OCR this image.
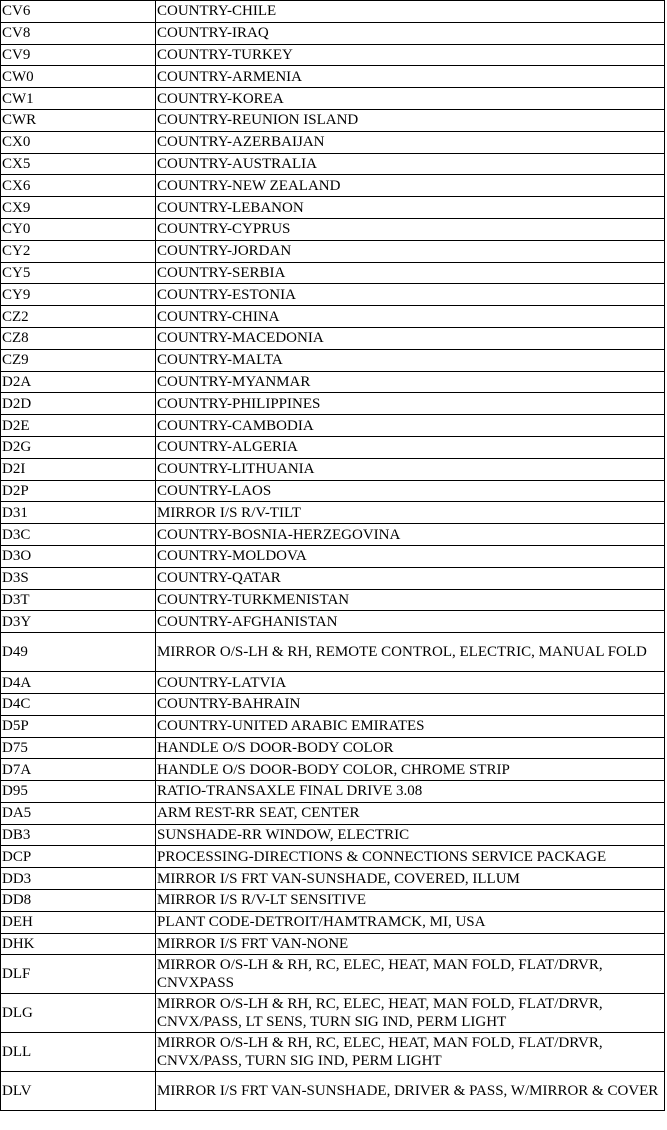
CV6	COUNTRY-CHILE
CV8	COUNTRY-IRAQ
CV9	COUNTRY-TURKEY
CW0	COUNTRY-ARMENIA
CW1	COUNTRY-KOREA
CWR	COUNTRY-REUNION ISLAND
CX0	COUNTRY-AZERBAIJAN
CX5	COUNTRY-AUSTRALIA
CX6	COUNTRY-NEW ZEALAND
CX9	COUNTRY-LEBANON
CY0	COUNTRY-CYPRUS
CY2	COUNTRY-JORDAN
CY5	COUNTRY-SERBIA
CY9	COUNTRY-ESTONIA
CZ2	COUNTRY-CHINA
CZ8	COUNTRY-MACEDONIA
CZ9	COUNTRY-MALTA
D2A	COUNTRY-MYANMAR
D2D	COUNTRY-PHILIPPINES
D2E	COUNTRY-CAMBODIA
D2G	COUNTRY-ALGERIA
D2I	COUNTRY-LITHUANIA
D2P	COUNTRY-LAOS
D31	MIRROR I/S R/V-TILT
D3C	COUNTRY-BOSNIA-HERZEGOVINA
D3O	COUNTRY-MOLDOVA
D3S	COUNTRY-QATAR
D3T	COUNTRY-TURKMENISTAN
D3Y	COUNTRY-AFGHANISTAN
D49	MIRROR O/S-LH & RH, REMOTE CONTROL, ELECTRIC, MANUAL FOLD
D4A	COUNTRY-LATVIA
D4C	COUNTRY-BAHRAIN
D5P	COUNTRY-UNITED ARABIC EMIRATES
D75	HANDLE O/S DOOR-BODY COLOR
D7A	HANDLE O/S DOOR-BODY COLOR, CHROME STRIP
D95	RATIO-TRANSAXLE FINAL DRIVE 3.08
DA5	ARM REST-RR SEAT, CENTER
DB3	SUNSHADE-RR WINDOW, ELECTRIC
DCP	PROCESSING-DIRECTIONS & CONNECTIONS SERVICE PACKAGE
DD3	MIRROR I/S FRT VAN-SUNSHADE, COVERED, ILLUM
DD8	MIRROR I/S R/V-LT SENSITIVE
DEH	PLANT CODE-DETROIT/HAMTRAMCK, MI, USA
DHK	MIRROR I/S FRT VAN-NONE
DLF	MIRROR O/S-LH & RH, RC, ELEC, HEAT, MAN FOLD, FLAT/DRVR, CNVXPASS
DLG	MIRROR O/S-LH & RH, RC, ELEC, HEAT, MAN FOLD, FLAT/DRVR, CNVX/PASS, LT SENS, TURN SIG IND, PERM LIGHT
DLL	MIRROR O/S-LH & RH, RC, ELEC, HEAT, MAN FOLD, FLAT/DRVR, CNVX/PASS, TURN SIG IND, PERM LIGHT
DLV	MIRROR I/S FRT VAN-SUNSHADE, DRIVER & PASS, W/MIRROR & COVER
